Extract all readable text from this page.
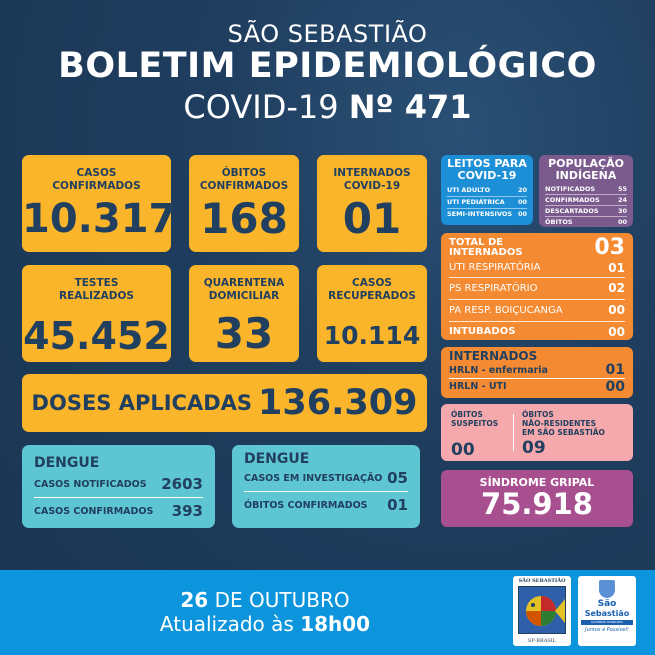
SÃO SEBASTIÃO
BOLETIM EPIDEMIOLÓGICO
COVID-19 Nº 471
CASOS
CONFIRMADOS
10.317
ÓBITOS
CONFIRMADOS
168
INTERNADOS
COVID-19
01
TESTES
REALIZADOS
45.452
QUARENTENA
DOMICILIAR
33
CASOS
RECUPERADOS
10.114
DOSES APLICADAS 136.309
DENGUE
CASOS NOTIFICADOS 2603
CASOS CONFIRMADOS 393
DENGUE
CASOS EM INVESTIGAÇÃO 05
ÓBITOS CONFIRMADOS 01
LEITOS PARA
COVID-19
UTI ADULTO	20
UTI PEDIÁTRICA 00
SEMI-INTENSIVOS 00
POPULAÇÃO
INDÍGENA
NOTIFICADOS	55
CONFIRMADOS	24
DESCARTADOS	30
ÓBITOS	00
TOTAL DE
INTERNADOS	03
UTI RESPIRATÓRIA	01
PS RESPIRATÓRIO	02
PA RESP. BOIÇUCANGA	00
INTUBADOS	00
INTERNADOS
HRLN - enfermaria	01
HRLN - UTI	00
ÓBITOS
SUSPEITOS
00
ÓBITOS
NÃO-RESIDENTES
EM SÃO SEBASTIÃO
09
SÍNDROME GRIPAL
75.918
26 DE OUTUBRO
Atualizado às 18h00
SÃO SEBASTIÃO
SP·BRASIL
São
Sebastião
GOVERNO MUNICIPAL
Juntos é Possível!
